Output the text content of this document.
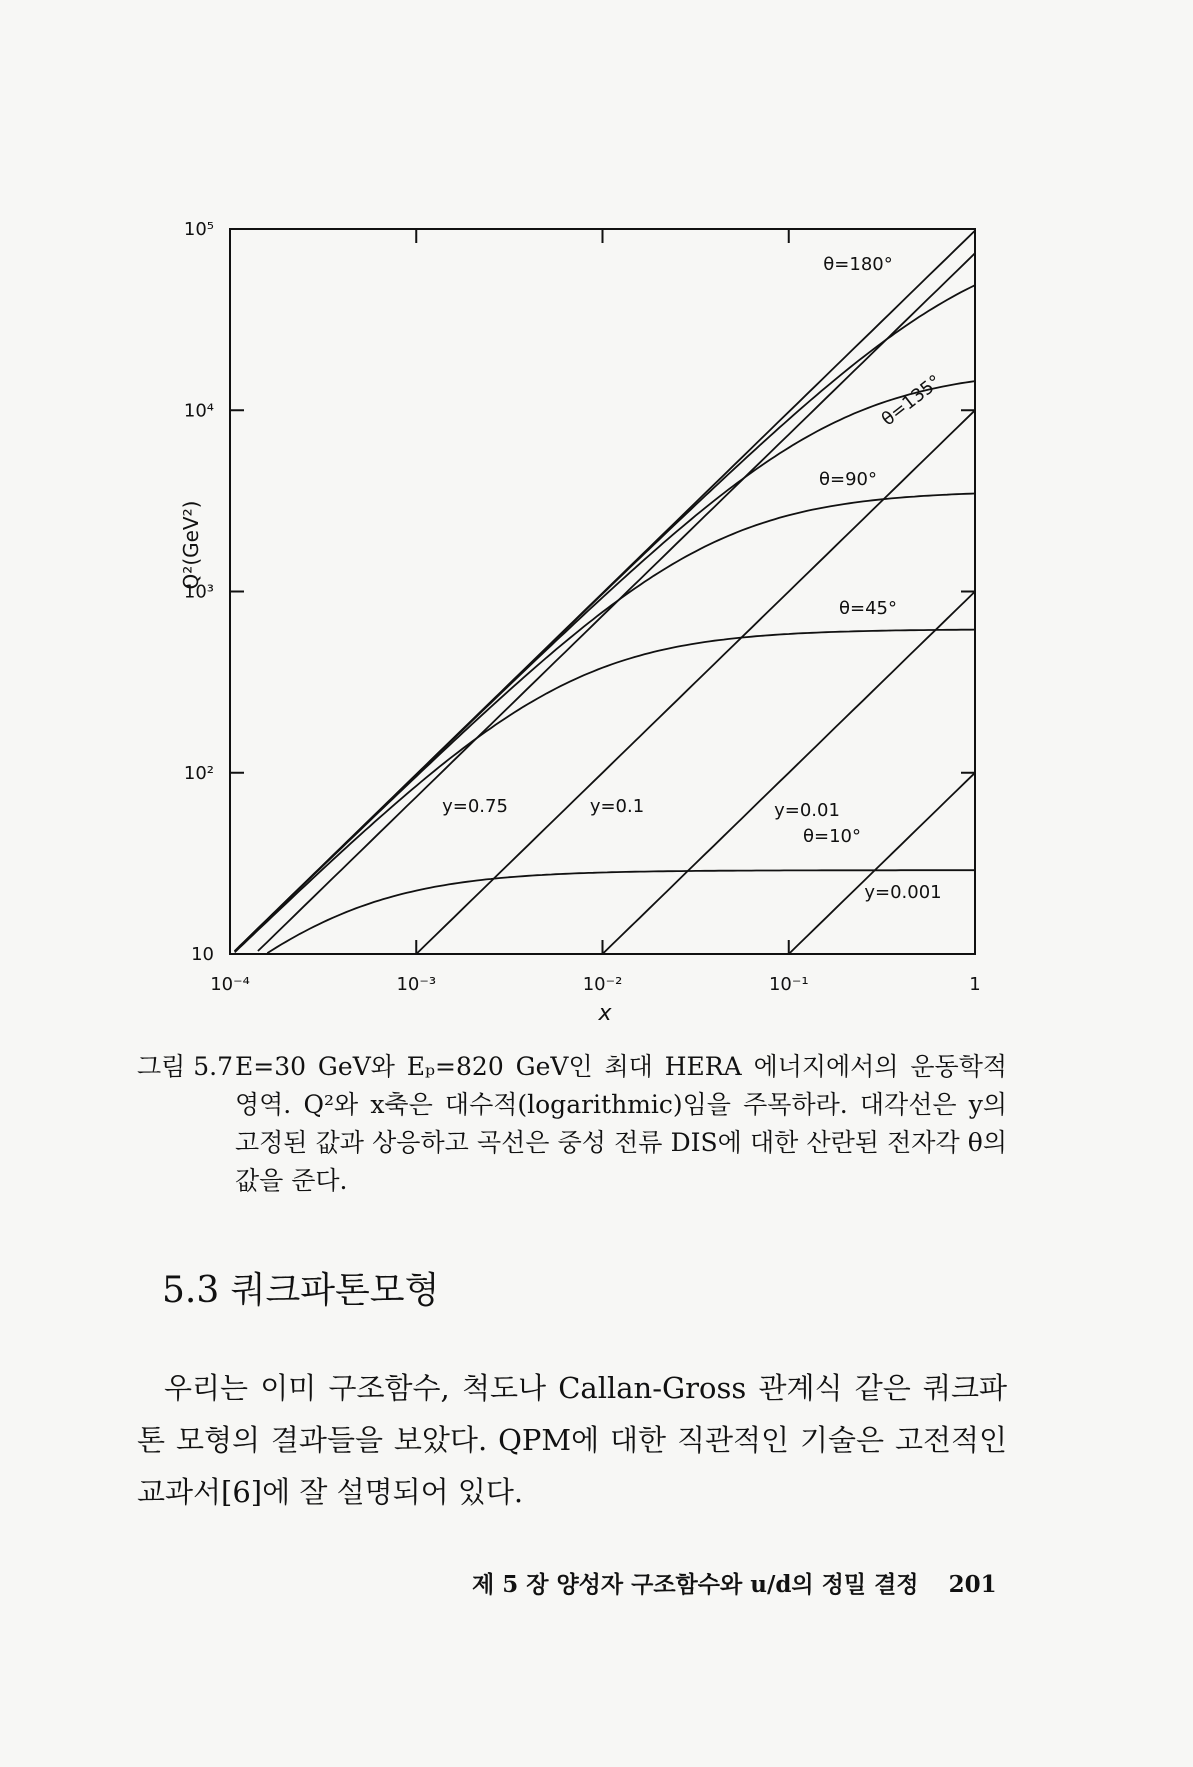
10⁻⁴	10⁻³	10⁻²	10⁻¹	1
10
10²
10³
10⁴
10⁵
θ=180°
θ=135°
θ=90°
θ=45°
θ=10°
y=0.75	y=0.1	y=0.01
y=0.001
Q²(GeV²)
x
그림 5.7 E=30 GeV와 Eₚ=820 GeV인 최대 HERA 에너지에서의 운동학적 영역. Q²와 x축은 대수적(logarithmic)임을 주목하라. 대각선은 y의 고정된 값과 상응하고 곡선은 중성 전류 DIS에 대한 산란된 전자각 θ의 값을 준다.
5.3 쿼크파톤모형
우리는 이미 구조함수, 척도나 Callan-Gross 관계식 같은 쿼크파톤 모형의 결과들을 보았다. QPM에 대한 직관적인 기술은 고전적인 교과서[6]에 잘 설명되어 있다.
제 5 장 양성자 구조함수와 u/d의 정밀 결정 201
